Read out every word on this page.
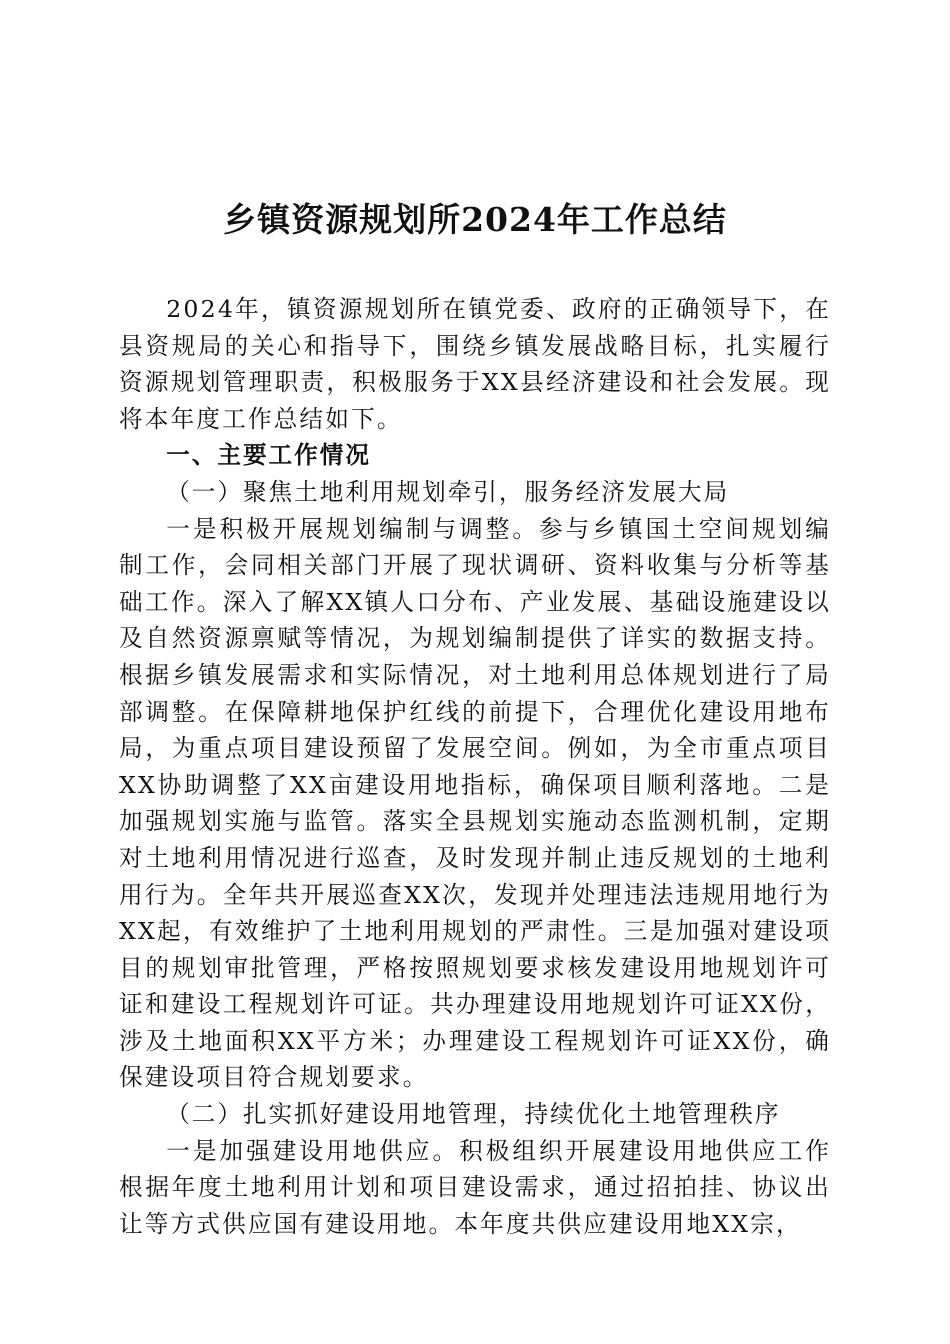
乡镇资源规划所2024年工作总结

2024年，镇资源规划所在镇党委、政府的正确领导下，在县资规局的关心和指导下，围绕乡镇发展战略目标，扎实履行资源规划管理职责，积极服务于XX县经济建设和社会发展。现将本年度工作总结如下。

一、主要工作情况

（一）聚焦土地利用规划牵引，服务经济发展大局

一是积极开展规划编制与调整。参与乡镇国土空间规划编制工作，会同相关部门开展了现状调研、资料收集与分析等基础工作。深入了解XX镇人口分布、产业发展、基础设施建设以及自然资源禀赋等情况，为规划编制提供了详实的数据支持。根据乡镇发展需求和实际情况，对土地利用总体规划进行了局部调整。在保障耕地保护红线的前提下，合理优化建设用地布局，为重点项目建设预留了发展空间。例如，为全市重点项目XX协助调整了XX亩建设用地指标，确保项目顺利落地。二是加强规划实施与监管。落实全县规划实施动态监测机制，定期对土地利用情况进行巡查，及时发现并制止违反规划的土地利用行为。全年共开展巡查XX次，发现并处理违法违规用地行为XX起，有效维护了土地利用规划的严肃性。三是加强对建设项目的规划审批管理，严格按照规划要求核发建设用地规划许可证和建设工程规划许可证。共办理建设用地规划许可证XX份，涉及土地面积XX平方米；办理建设工程规划许可证XX份，确保建设项目符合规划要求。

（二）扎实抓好建设用地管理，持续优化土地管理秩序

一是加强建设用地供应。积极组织开展建设用地供应工作根据年度土地利用计划和项目建设需求，通过招拍挂、协议出让等方式供应国有建设用地。本年度共供应建设用地XX宗，
